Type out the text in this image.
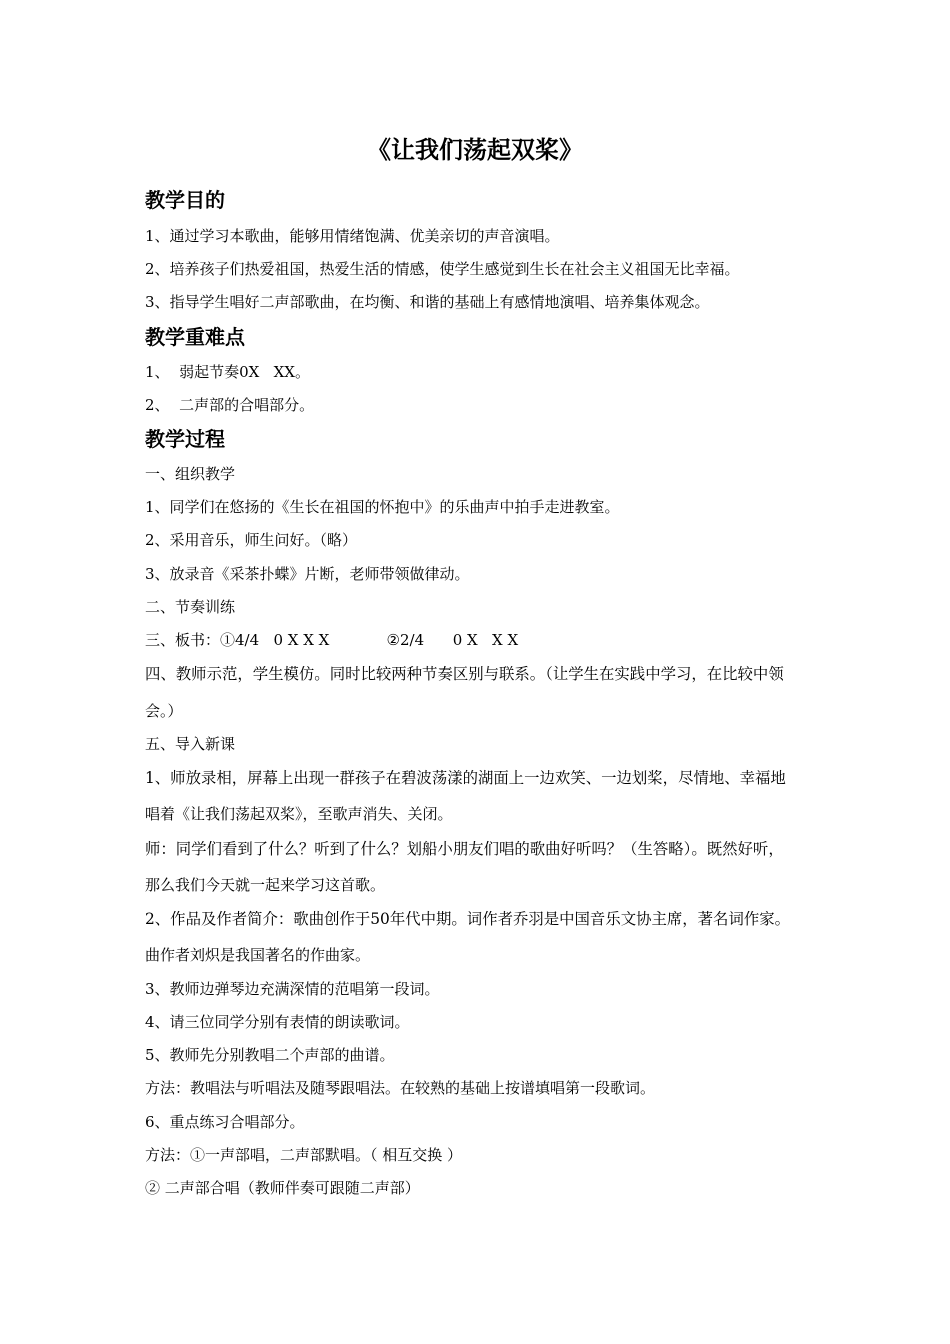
《让我们荡起双桨》
教学目的
1、通过学习本歌曲，能够用情绪饱满、优美亲切的声音演唱。
2、培养孩子们热爱祖国，热爱生活的情感，使学生感觉到生长在社会主义祖国无比幸福。
3、指导学生唱好二声部歌曲，在均衡、和谐的基础上有感情地演唱、培养集体观念。
教学重难点
1、  弱起节奏0X   XX。
2、  二声部的合唱部分。
教学过程
一、组织教学
1、同学们在悠扬的《生长在祖国的怀抱中》的乐曲声中拍手走进教室。
2、采用音乐，师生问好。（略）
3、放录音《采茶扑蝶》片断，老师带领做律动。
二、节奏训练
三、板书：①4/4   0 X X X            ②2/4      0 X   X X
四、教师示范，学生模仿。同时比较两种节奏区别与联系。（让学生在实践中学习，在比较中领
会。）
五、导入新课
1、师放录相，屏幕上出现一群孩子在碧波荡漾的湖面上一边欢笑、一边划桨，尽情地、幸福地
唱着《让我们荡起双桨》，至歌声消失、关闭。
师：同学们看到了什么？听到了什么？划船小朋友们唱的歌曲好听吗？（生答略）。既然好听，
那么我们今天就一起来学习这首歌。
2、作品及作者简介：歌曲创作于50年代中期。词作者乔羽是中国音乐文协主席，著名词作家。
曲作者刘炽是我国著名的作曲家。
3、教师边弹琴边充满深情的范唱第一段词。
4、请三位同学分别有表情的朗读歌词。
5、教师先分别教唱二个声部的曲谱。
方法：教唱法与听唱法及随琴跟唱法。在较熟的基础上按谱填唱第一段歌词。
6、重点练习合唱部分。
方法：①一声部唱，二声部默唱。（ 相互交换 ）
② 二声部合唱（教师伴奏可跟随二声部）
